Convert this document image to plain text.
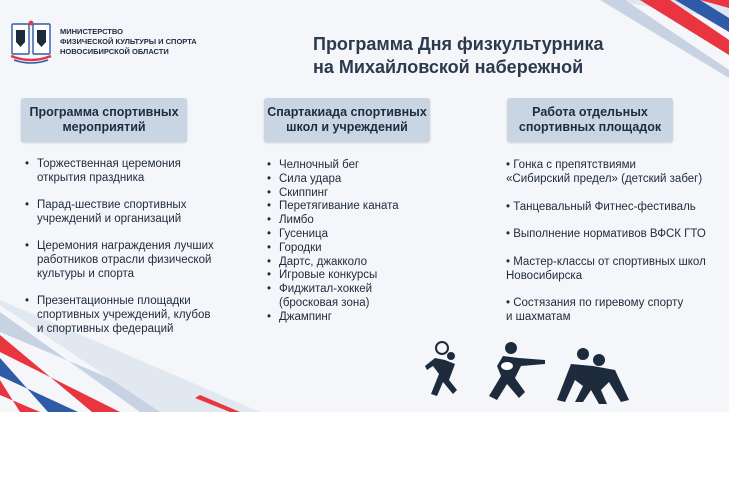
МИНИСТЕРСТВО
ФИЗИЧЕСКОЙ КУЛЬТУРЫ И СПОРТА
НОВОСИБИРСКОЙ ОБЛАСТИ	Программа Дня физкультурника
на Михайловской набережной
Программа спортивных
мероприятий
Спартакиада спортивных
школ и учреждений
Работа отдельных
спортивных площадок
• Торжественная церемония
открытия праздника
• Парад-шествие спортивных
учреждений и организаций
• Церемония награждения лучших
работников отрасли физической
культуры и спорта
• Презентационные площадки
спортивных учреждений, клубов
и спортивных федераций
• Челночный бег
• Сила удара
• Скиппинг
• Перетягивание каната
• Лимбо
• Гусеница
• Городки
• Дартс, джакколо
• Игровые конкурсы
• Фиджитал-хоккей
(бросковая зона)
• Джампинг
• Гонка с препятствиями
«Сибирский предел» (детский забег)
• Танцевальный Фитнес-фестиваль
• Выполнение нормативов ВФСК ГТО
• Мастер-классы от спортивных школ
Новосибирска
• Состязания по гиревому спорту
и шахматам
